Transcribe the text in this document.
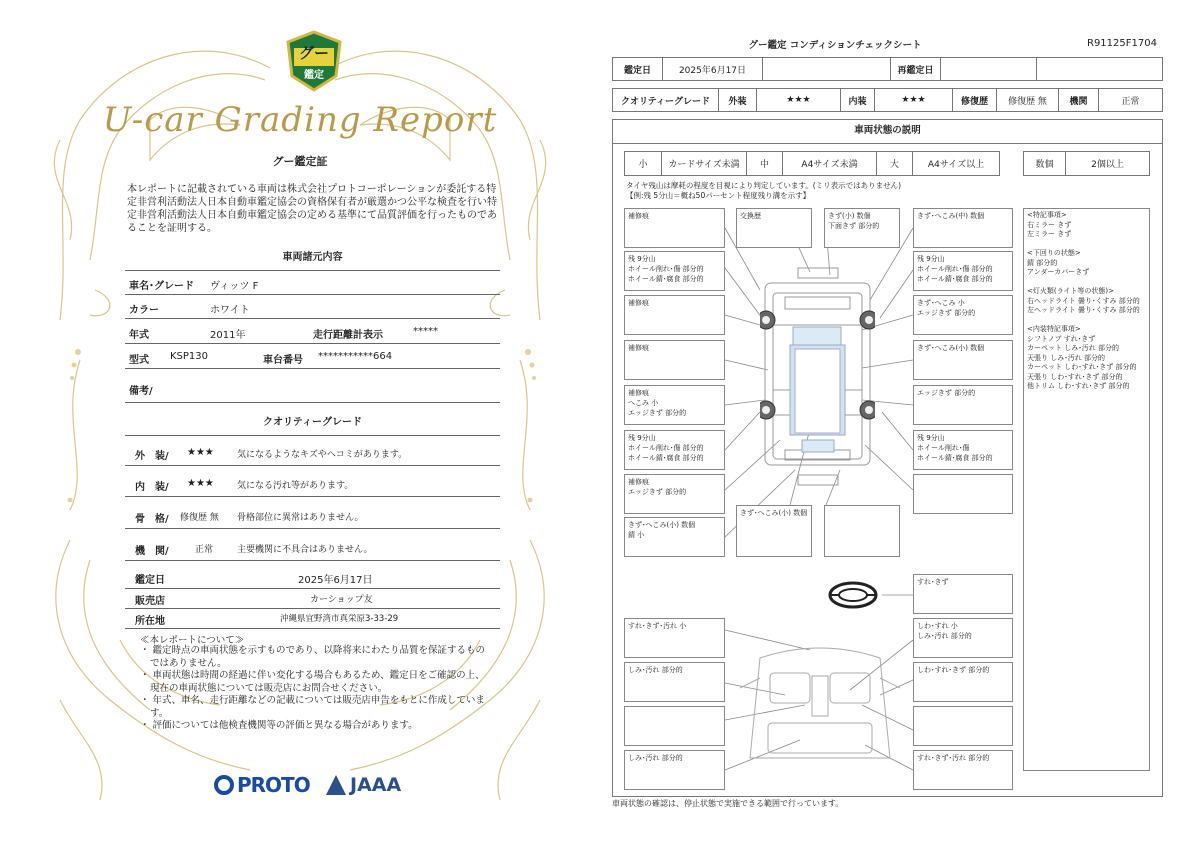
グー
鑑定
U-car Grading Report
グー鑑定証
本レポートに記載されている車両は株式会社プロトコーポレーションが委託する特定非営利活動法人日本自動車鑑定協会の資格保有者が厳選かつ公平な検査を行い特定非営利活動法人日本自動車鑑定協会の定める基準にて品質評価を行ったものであることを証明する。
車両諸元内容
車名･グレード ヴィッツ F
カラー	ホワイト
年式	2011年	走行距離計表示	*****
型式 KSP130	車台番号 ***********664
備考/
クオリティーグレード
外　装/ ★★★	気になるようなキズやヘコミがあります。
内　装/ ★★★	気になる汚れ等があります。
骨　格/ 修復歴 無 骨格部位に異常はありません。
機　関/	正常	主要機関に不具合はありません。
鑑定日	2025年6月17日
販売店	カーショップ友
所在地	沖縄県宜野湾市真栄原3-33-29
≪本レポートについて≫
・ 鑑定時点の車両状態を示すものであり、以降将来にわたり品質を保証するものではありません。
・ 車両状態は時間の経過に伴い変化する場合もあるため、鑑定日をご確認の上、現在の車両状態については販売店にお問合せください。
・ 年式、車名、走行距離などの記載については販売店申告をもとに作成しています。
・ 評価については他検査機関等の評価と異なる場合があります。
PROTO JAAA
グー鑑定 コンディションチェックシート	R91125F1704
鑑定日	2025年6月17日	再鑑定日
クオリティーグレード	外装	★★★	内装	★★★	修復歴	修復歴 無	機関	正常
車両状態の説明
小	カードサイズ未満	中	A4サイズ未満	大	A4サイズ以上	数個	2個以上
タイヤ残山は摩耗の程度を目視により判定しています。(ミリ表示ではありません)
【例:残 5分山＝概ね50パーセント程度残り溝を示す】
補修痕
残 9分山
ホイール削れ･傷 部分的
ホイール錆･腐食 部分的
補修痕
補修痕
補修痕
へこみ 小
エッジきず 部分的
残 9分山
ホイール削れ･傷 部分的
ホイール錆･腐食 部分的
補修痕
エッジきず 部分的
きず･へこみ(小) 数個
錆 小
交換歴	きず(小) 数個
下面きず 部分的
きず･へこみ(小) 数個
きず･へこみ(中) 数個
残 9分山
ホイール削れ･傷 部分的
ホイール錆･腐食 部分的
きず･へこみ 小
エッジきず 部分的
きず･へこみ(小) 数個
エッジきず 部分的
残 9分山
ホイール削れ･傷
ホイール錆･腐食 部分的
<特記事項>
右ミラー きず
左ミラー きず

<下回りの状態>
錆 部分的
アンダーカバーきず

<灯火類(ライト等の状態)>
右ヘッドライト 曇り･くすみ 部分的
左ヘッドライト 曇り･くすみ 部分的

<内装特記事項>
シフトノブ すれ･きず
カーペット しみ･汚れ 部分的
天張り しみ･汚れ 部分的
カーペット しわ･すれ･きず 部分的
天張り しわ･すれ･きず 部分的
他トリム しわ･すれ･きず 部分的
すれ･きず･汚れ 小
しみ･汚れ 部分的
しみ･汚れ 部分的
すれ･きず
しわ･すれ 小
しみ･汚れ 部分的
しわ･すれ･きず 部分的
すれ･きず･汚れ 部分的
車両状態の確認は、停止状態で実施できる範囲で行っています。
